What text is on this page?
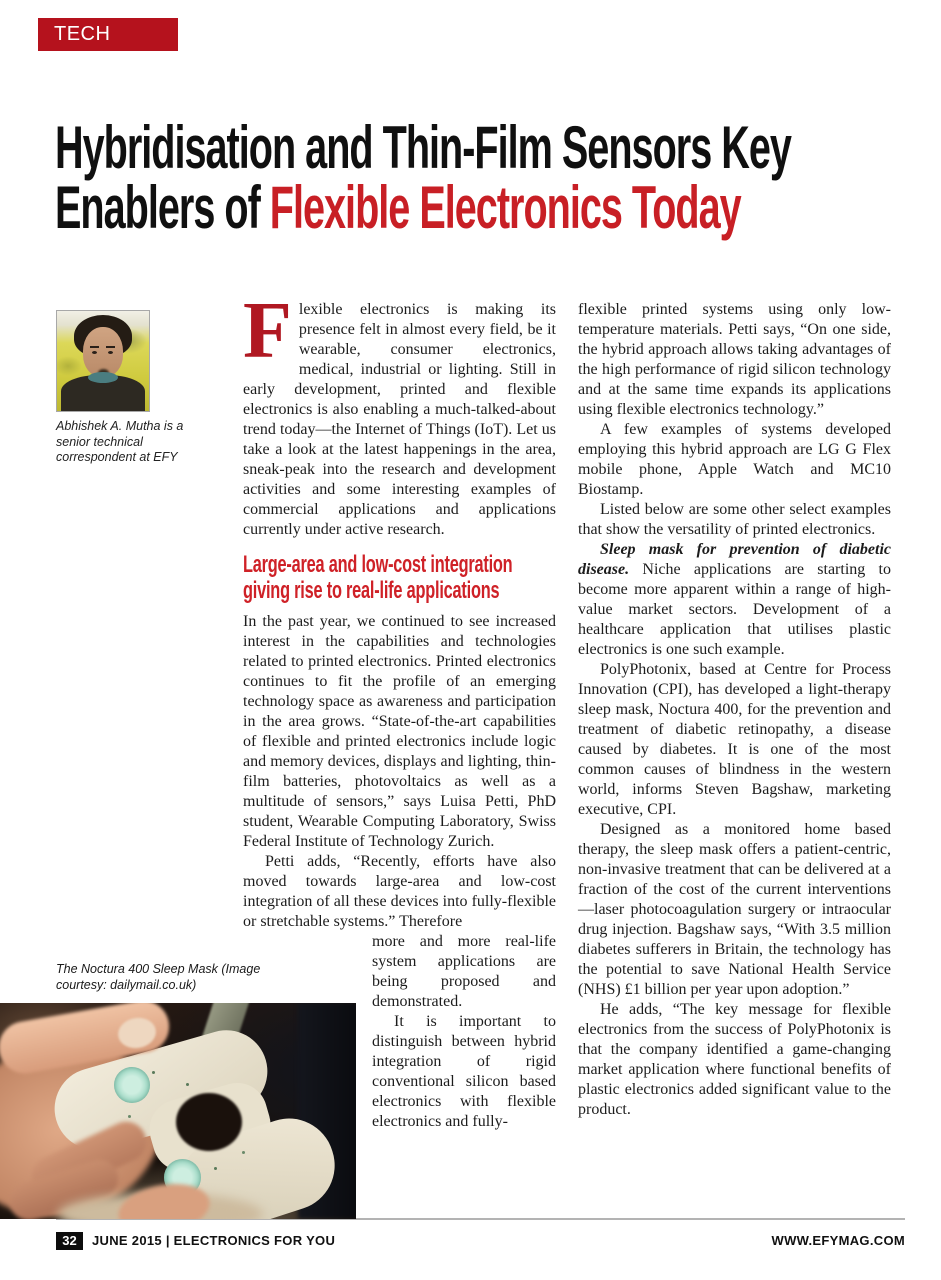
TECH FOCUS
Hybridisation and Thin-Film Sensors Key
Enablers of Flexible Electronics Today
Abhishek A. Mutha is a senior technical correspondent at EFY

Flexible electronics is making its presence felt in almost every field, be it wearable, consumer electronics, medical, industrial or lighting. Still in early development, printed and flexible electronics is also enabling a much-talked-about trend today—the Internet of Things (IoT). Let us take a look at the latest happenings in the area, sneak-peak into the research and development activities and some interesting examples of commercial applications and applications currently under active research.

Large-area and low-cost integration
giving rise to real-life applications

In the past year, we continued to see increased interest in the capabilities and technologies related to printed electronics. Printed electronics continues to fit the profile of an emerging technology space as awareness and participation in the area grows. “State-of-the-art capabilities of flexible and printed electronics include logic and memory devices, displays and lighting, thin-film batteries, photovoltaics as well as a multitude of sensors,” says Luisa Petti, PhD student, Wearable Computing Laboratory, Swiss Federal Institute of Technology Zurich.

Petti adds, “Recently, efforts have also moved towards large-area and low-cost integration of all these devices into fully-flexible or stretchable systems.” Therefore

more and more real-life system applications are being proposed and demonstrated.

It is important to distinguish between hybrid integration of rigid conventional silicon based electronics with flexible electronics and fully-

flexible printed systems using only low-temperature materials. Petti says, “On one side, the hybrid approach allows taking advantages of the high performance of rigid silicon technology and at the same time expands its applications using flexible electronics technology.”

A few examples of systems developed employing this hybrid approach are LG G Flex mobile phone, Apple Watch and MC10 Biostamp.

Listed below are some other select examples that show the versatility of printed electronics.

Sleep mask for prevention of diabetic disease. Niche applications are starting to become more apparent within a range of high-value market sectors. Development of a healthcare application that utilises plastic electronics is one such example.

PolyPhotonix, based at Centre for Process Innovation (CPI), has developed a light-therapy sleep mask, Noctura 400, for the prevention and treatment of diabetic retinopathy, a disease caused by diabetes. It is one of the most common causes of blindness in the western world, informs Steven Bagshaw, marketing executive, CPI.

Designed as a monitored home based therapy, the sleep mask offers a patient-centric, non-invasive treatment that can be delivered at a fraction of the cost of the current interventions—laser photocoagulation surgery or intraocular drug injection. Bagshaw says, “With 3.5 million diabetes sufferers in Britain, the technology has the potential to save National Health Service (NHS) £1 billion per year upon adoption.”

He adds, “The key message for flexible electronics from the success of PolyPhotonix is that the company identified a game-changing market application where functional benefits of plastic electronics added significant value to the product.

The Noctura 400 Sleep Mask (Image courtesy: dailymail.co.uk)
32	JUNE 2015 | ELECTRONICS FOR YOU	WWW.EFYMAG.COM
